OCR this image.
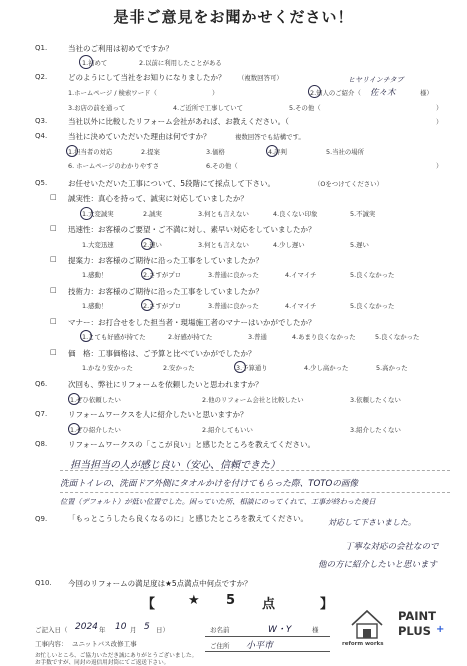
是非ご意見をお聞かせください！
Q1.	当社のご利用は初めてですか？
1.初めて	2.以前に利用したことがある
Q2.	どのようにして当社をお知りになりましたか？ （複数回答可）	ヒヤリインチタブ
1.ホームページ / 検索ワード（	）	2.知人のご紹介（ 佐々木	様）
3.お店の前を通って	4.ご近所で工事していて	5.その他（	）
Q3.	当社以外に比較したリフォーム会社があれば、お教えください。（	）
Q4.	当社に決めていただいた理由は何ですか？	複数回答でも結構です。
1.担当者の対応	2.提案	3.価格	4.評判	5.当社の場所
6. ホームページのわかりやすさ	6.その他（	）
Q5.	お任せいただいた工事について、5段階にて採点して下さい。	（Oをつけてください）
□ 誠実性：真心を持って、誠実に対応していましたか？
1.大変誠実	2.誠実	3.何とも言えない	4.良くない印象	5.不誠実
□ 迅速性：お客様のご要望・ご不満に対し、素早い対応をしていましたか？
1.大変迅速	2.速い	3.何とも言えない	4.少し遅い	5.遅い
□ 提案力：お客様のご期待に沿った工事をしていましたか？
1.感動！	2.さすがプロ	3.普通に良かった	4.イマイチ	5.良くなかった
□ 技術力：お客様のご期待に沿った工事をしていましたか？
1.感動！	2.さすがプロ	3.普通に良かった	4.イマイチ	5.良くなかった
□ マナー：お打合せをした担当者・現場施工者のマナーはいかがでしたか？
1.とても好感が持てた	2.好感が持てた	3.普通	4.あまり良くなかった	5.良くなかった
□ 価　格：工事価格は、ご予算と比べていかがでしたか？
1.かなり安かった	2.安かった	3.予算通り	4.少し高かった	5.高かった
Q6.	次回も、弊社にリフォームを依頼したいと思われますか？
1.ぜひ依頼したい	2.他のリフォーム会社と比較したい	3.依頼したくない
Q7.	リフォームワークスを人に紹介したいと思いますか？
1.ぜひ紹介したい	2.紹介してもいい	3.紹介したくない
Q8.	リフォームワークスの「ここが良い」と感じたところを教えてください。
担当担当の人が感じ良い（安心、信頼できた）
洗面トイレの、洗面ドア外側にタオルかけを付けてもらった際、TOTOの画像
位置（デフォルト）が低い位置でした。困っていた所、相談にのってくれて、工事が終わった後日
対応して下さいました。
Q9.	「もっとこうしたら良くなるのに」と感じたところを教えてください。
丁寧な対応の会社なので
他の方に紹介したいと思います
Q10. 今回のリフォームの満足度は★5点満点中何点ですか？
【 ★ 5 点	】
ご記入日（ 2024 年 10 月 5 日）	お名前	W・Y	様
工事内容： ユニットバス改修工事	ご住所 小平市
お忙しいところ、ご協力いただき誠にありがとうございました。
お手数ですが、同封の返信用封筒にてご返送下さい。
reform works
PAINT
PLUS +
